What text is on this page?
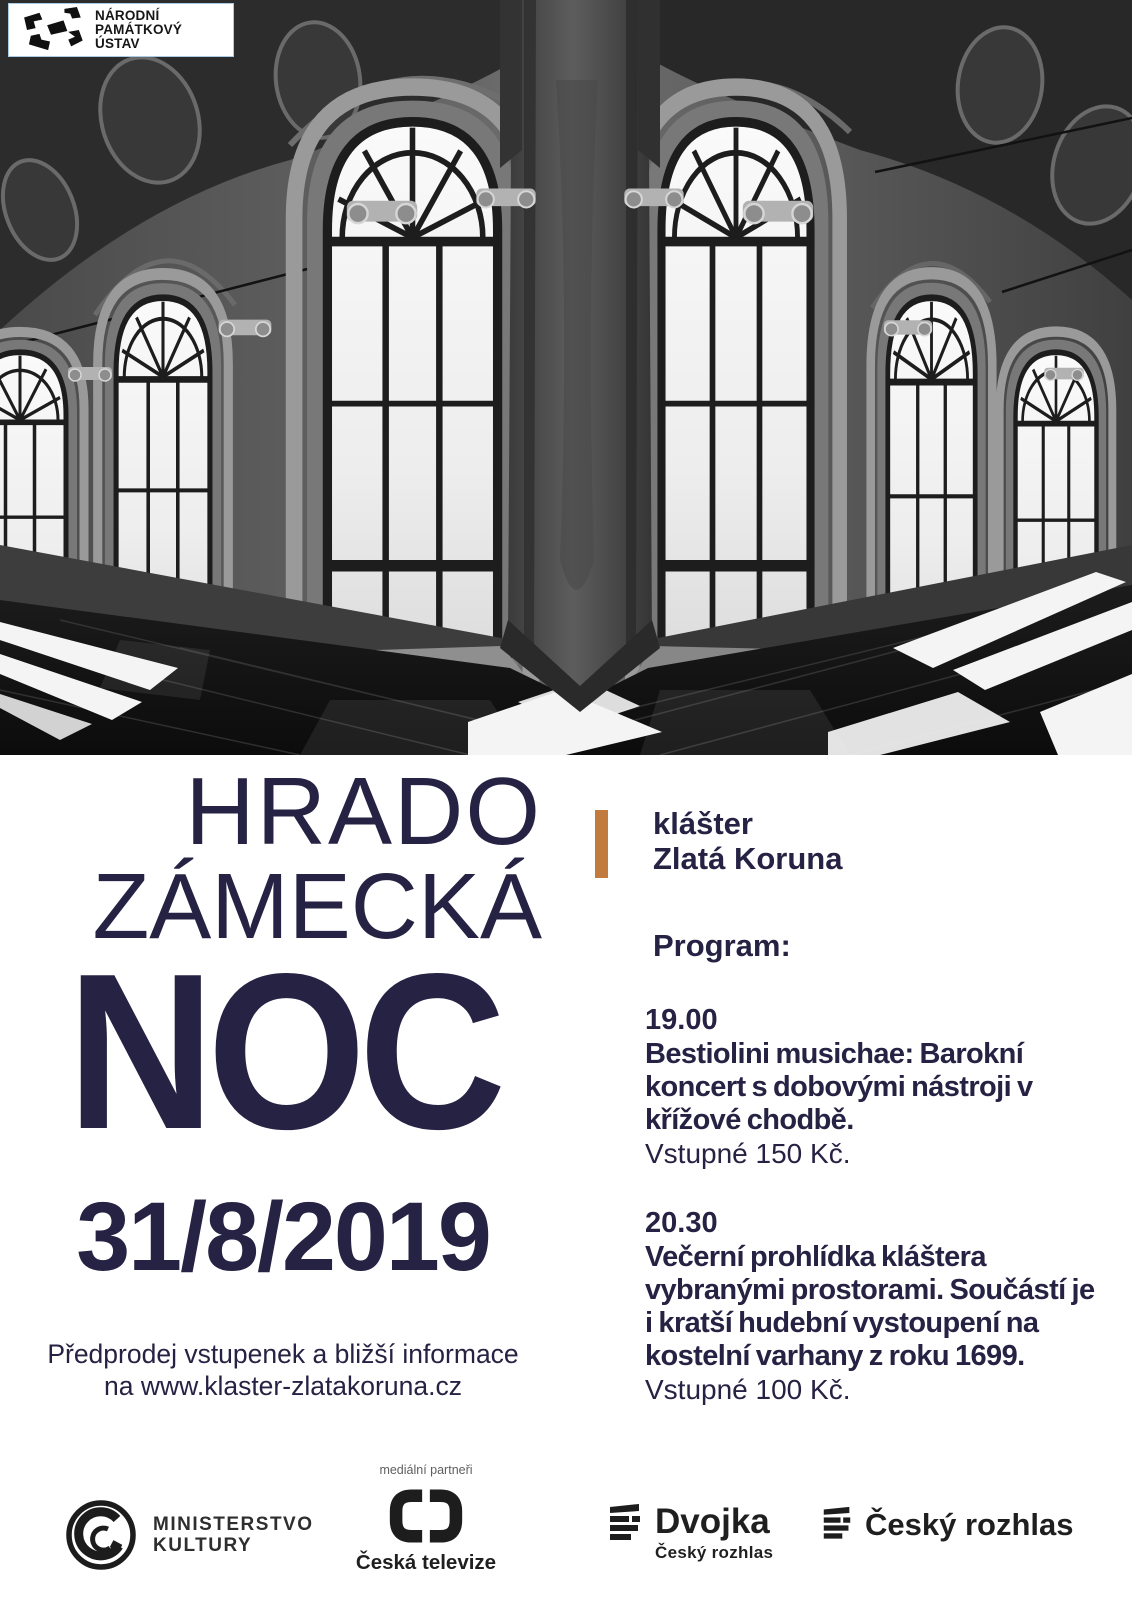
NÁRODNÍ
PAMÁTKOVÝ
ÚSTAV
HRADO
ZÁMECKÁ
NOC
31/8/2019
Předprodej vstupenek a bližší informace
na www.klaster-zlatakoruna.cz
klášter
Zlatá Koruna
Program:
19.00
Bestiolini musichae: Barokní koncert s dobovými nástroji v křížové chodbě.
Vstupné 150 Kč.
20.30
Večerní prohlídka kláštera vybranými prostorami. Součástí je i kratší hudební vystoupení na kostelní varhany z roku 1699.
Vstupné 100 Kč.
MINISTERSTVO
KULTURY
mediální partneři
Česká televize
Dvojka
Český rozhlas
Český rozhlas
